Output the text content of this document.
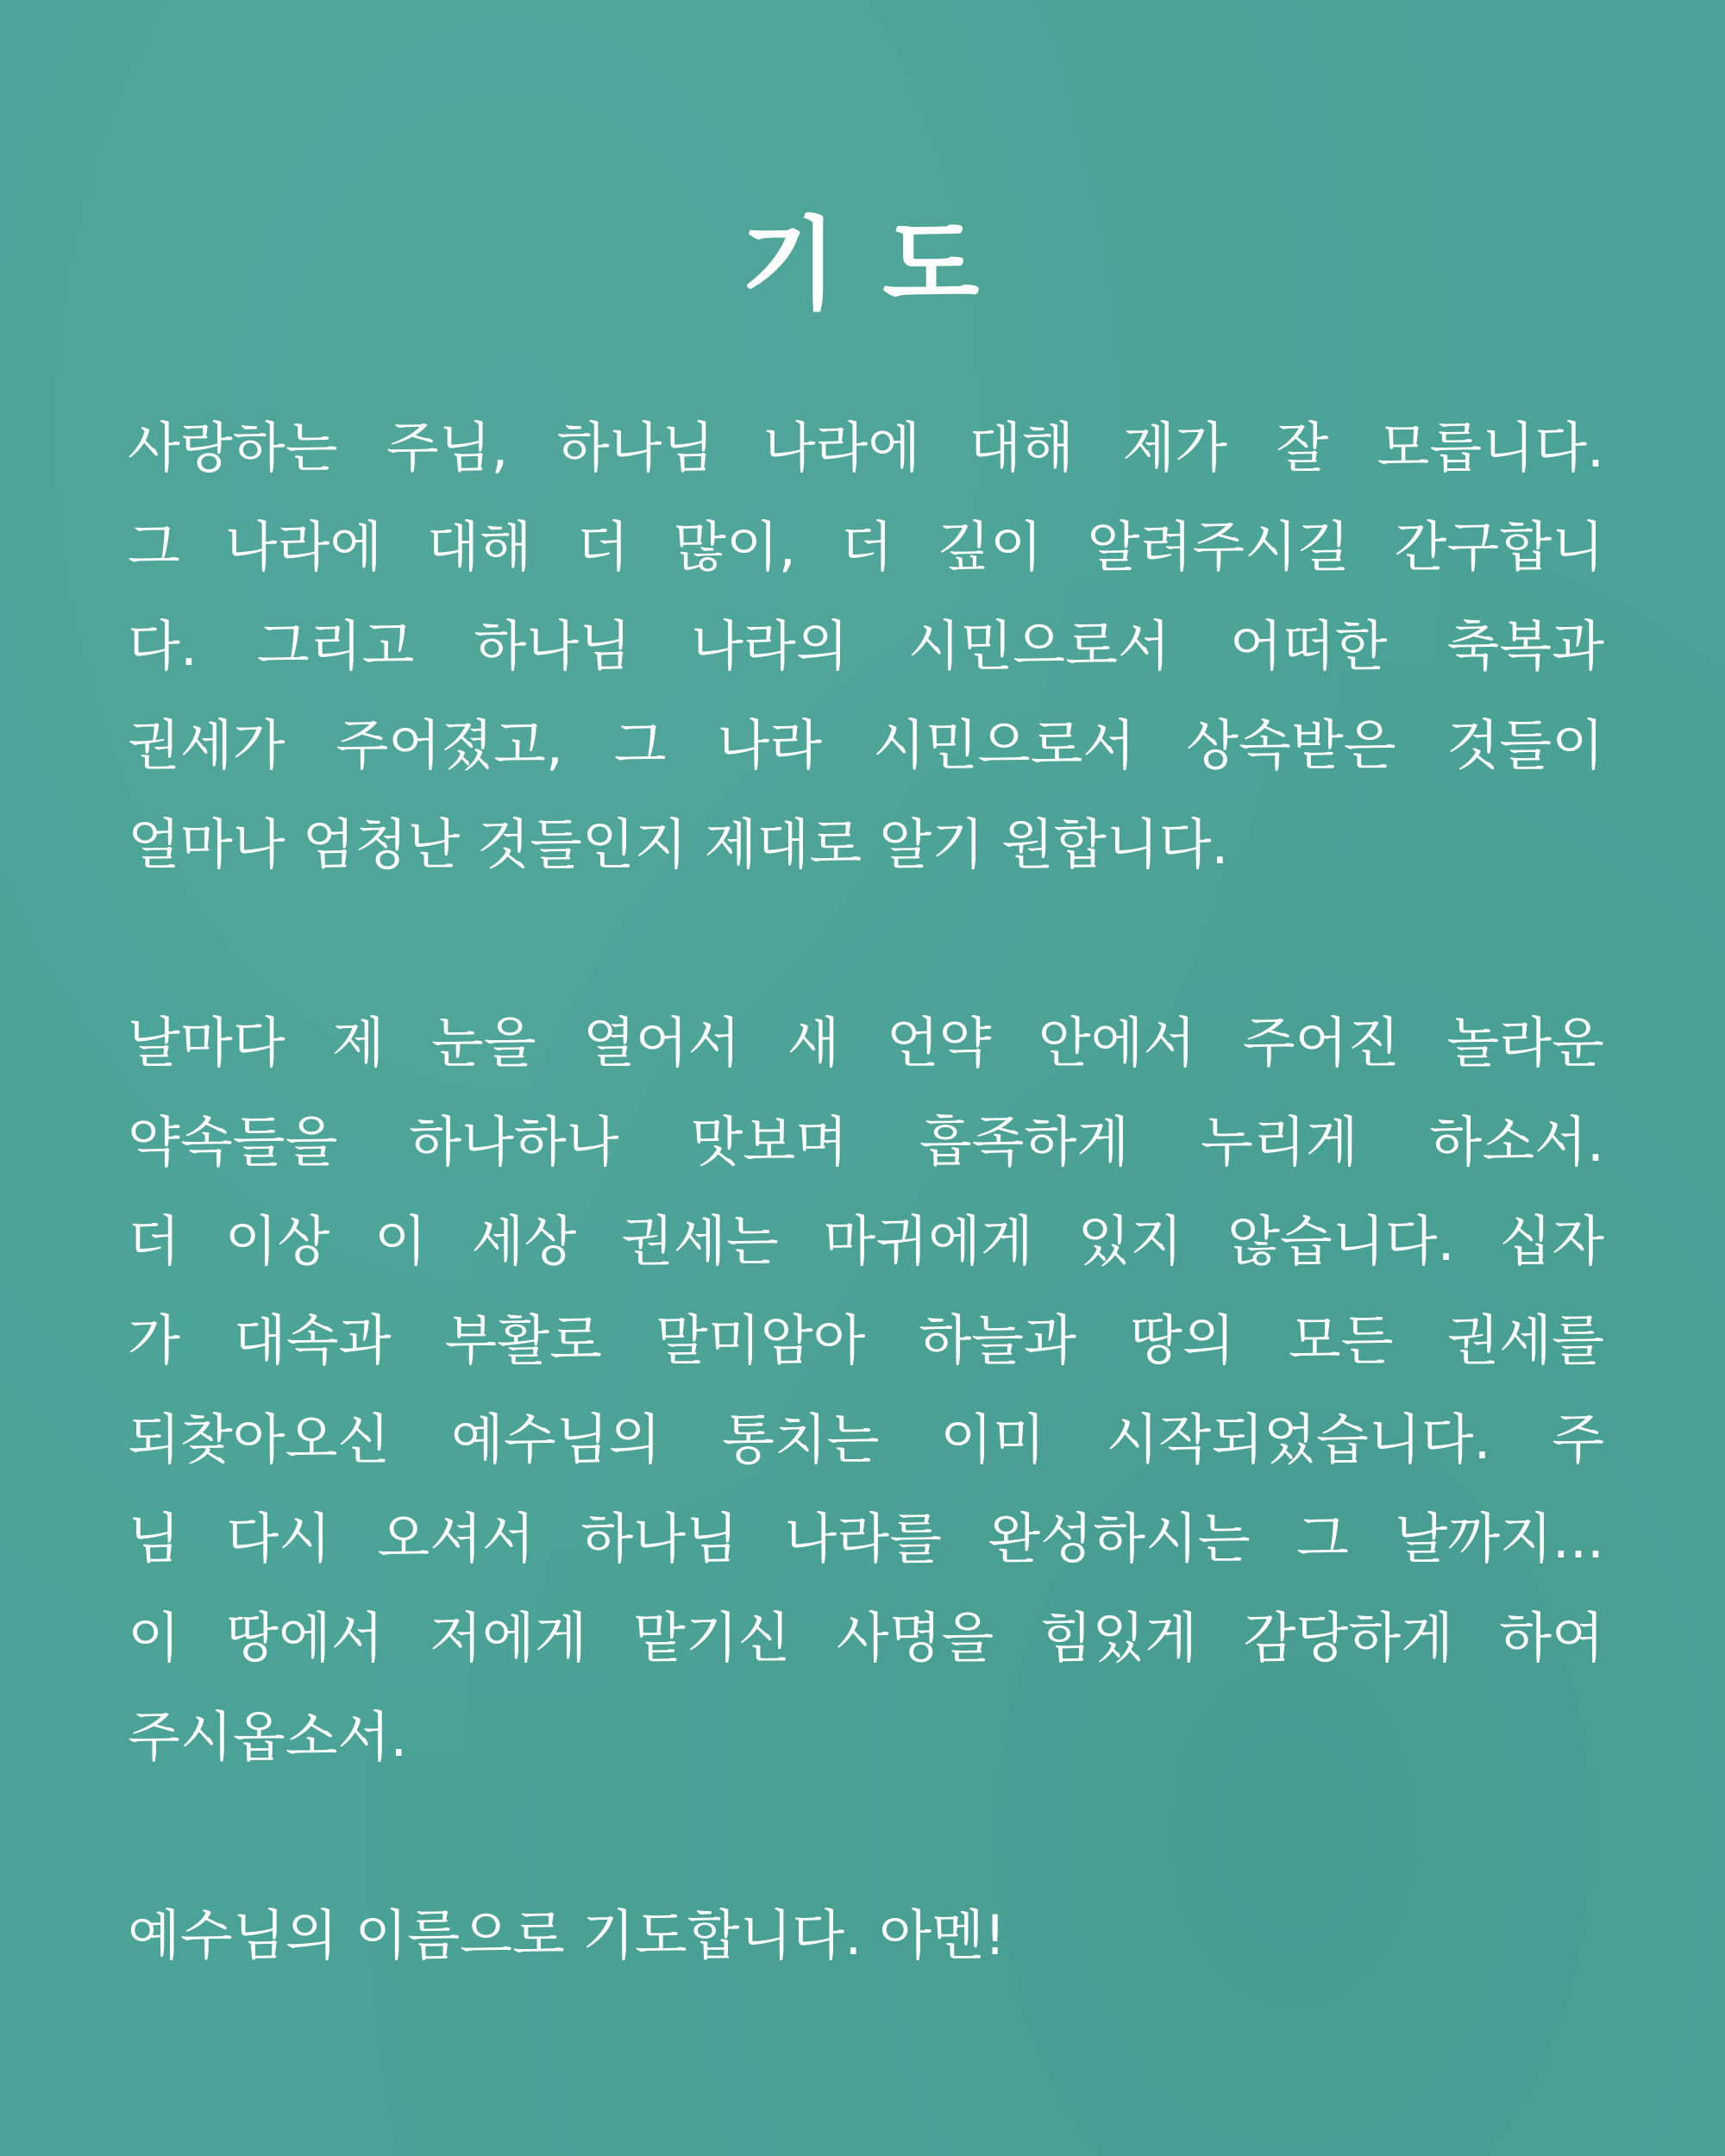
기 도
사랑하는 주님, 하나님 나라에 대해 제가 잘 모릅니다.
그 나라에 대해 더 많이, 더 깊이 알려주시길 간구합니
다. 그리고 하나님 나라의 시민으로서 어떠한 축복과
권세가 주어졌고, 그 나라 시민으로서 상속받은 것들이
얼마나 엄청난 것들인지 제대로 알기 원합니다.
날마다 제 눈을 열어서 새 언약 안에서 주어진 놀라운
약속들을 하나하나 맛보며 흡족하게 누리게 하소서.
더 이상 이 세상 권세는 마귀에게 있지 않습니다. 십자
가 대속과 부활로 말미암아 하늘과 땅의 모든 권세를
되찾아오신 예수님의 통치는 이미 시작되었습니다. 주
님 다시 오셔서 하나님 나라를 완성하시는 그 날까지...
이 땅에서 저에게 맡기신 사명을 힘있게 감당하게 하여
주시옵소서.
예수님의 이름으로 기도합니다. 아멘!
